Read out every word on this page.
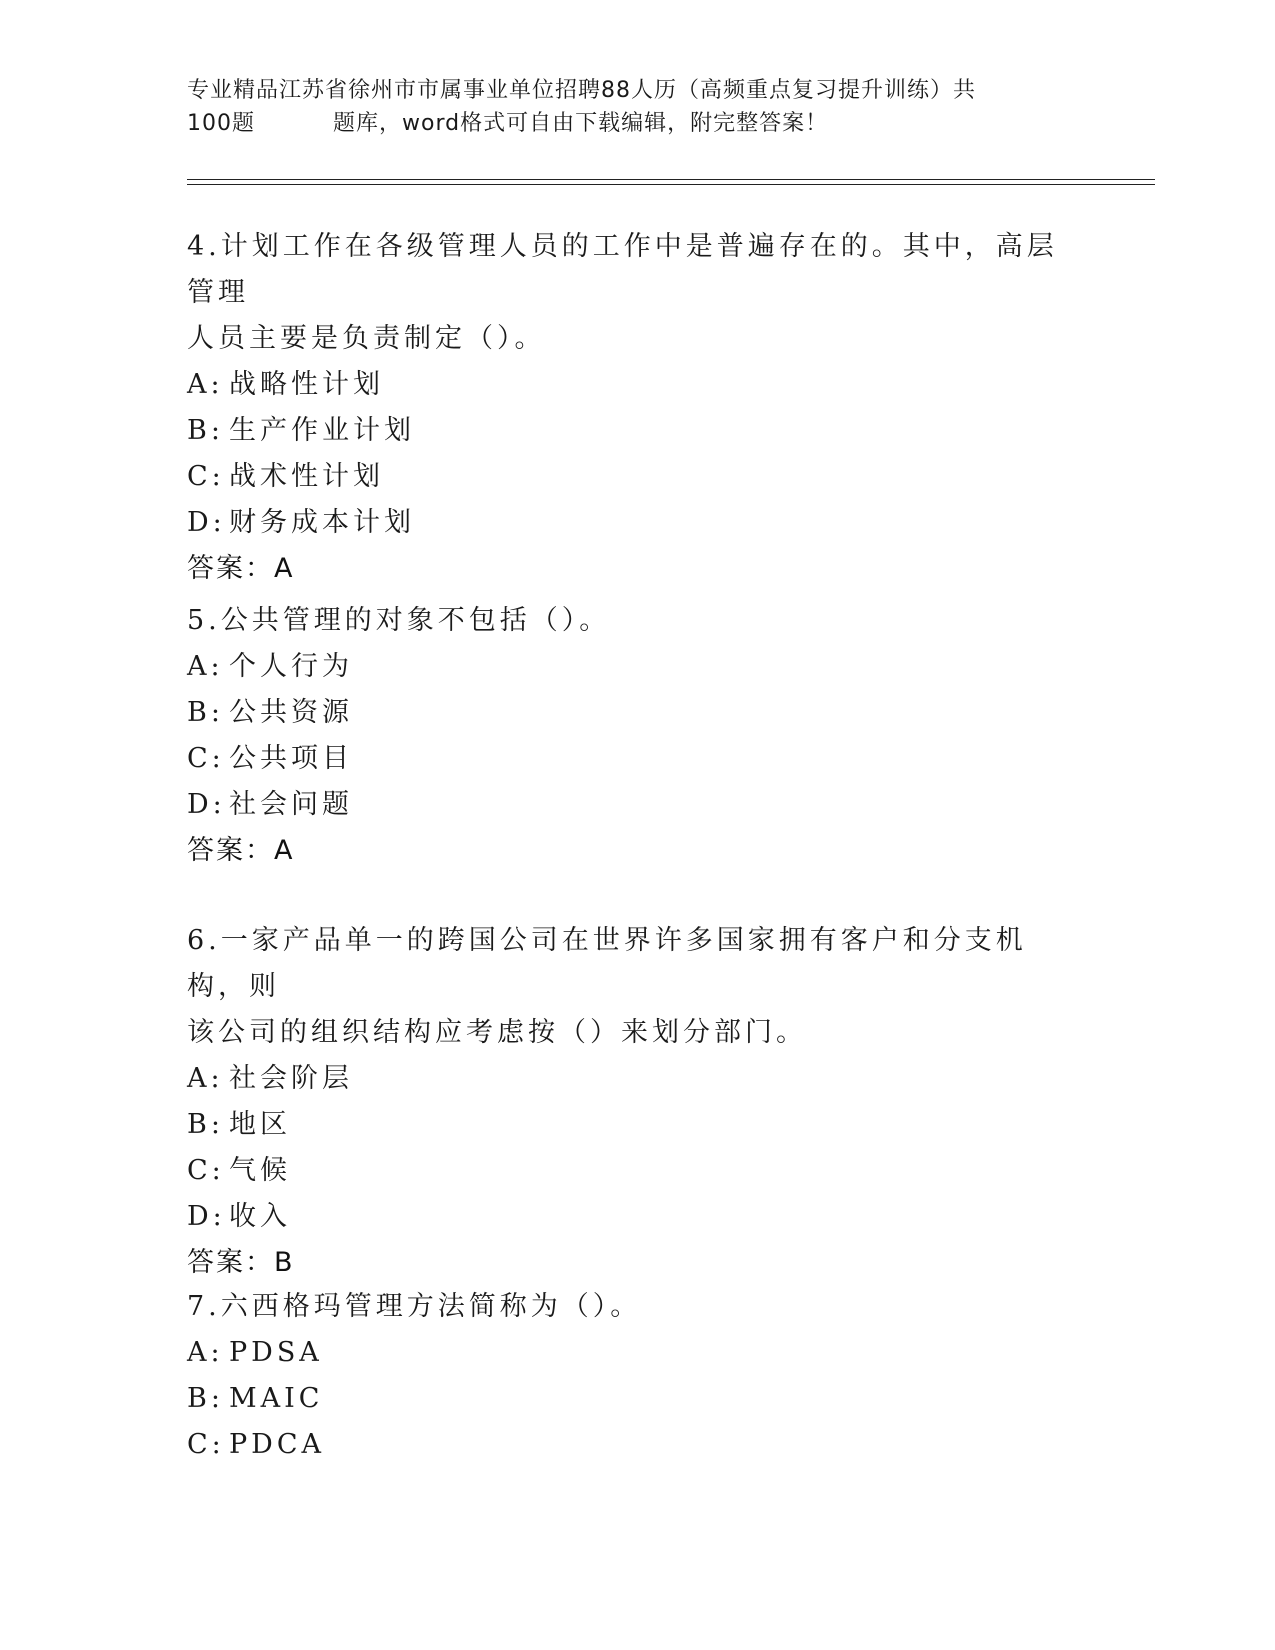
专业精品江苏省徐州市市属事业单位招聘88人历（高频重点复习提升训练）共
100题	题库，word格式可自由下载编辑，附完整答案！
4.计划工作在各级管理人员的工作中是普遍存在的。其中，高层管理
人员主要是负责制定（）。
A: 战略性计划
B: 生产作业计划
C: 战术性计划
D: 财务成本计划
答案：A
5.公共管理的对象不包括（）。
A: 个人行为
B: 公共资源
C: 公共项目
D: 社会问题
答案：A
6.一家产品单一的跨国公司在世界许多国家拥有客户和分支机构，则
该公司的组织结构应考虑按（）来划分部门。
A: 社会阶层
B: 地区
C: 气候
D: 收入
答案：B
7.六西格玛管理方法简称为（）。
A: PDSA
B: MAIC
C: PDCA
